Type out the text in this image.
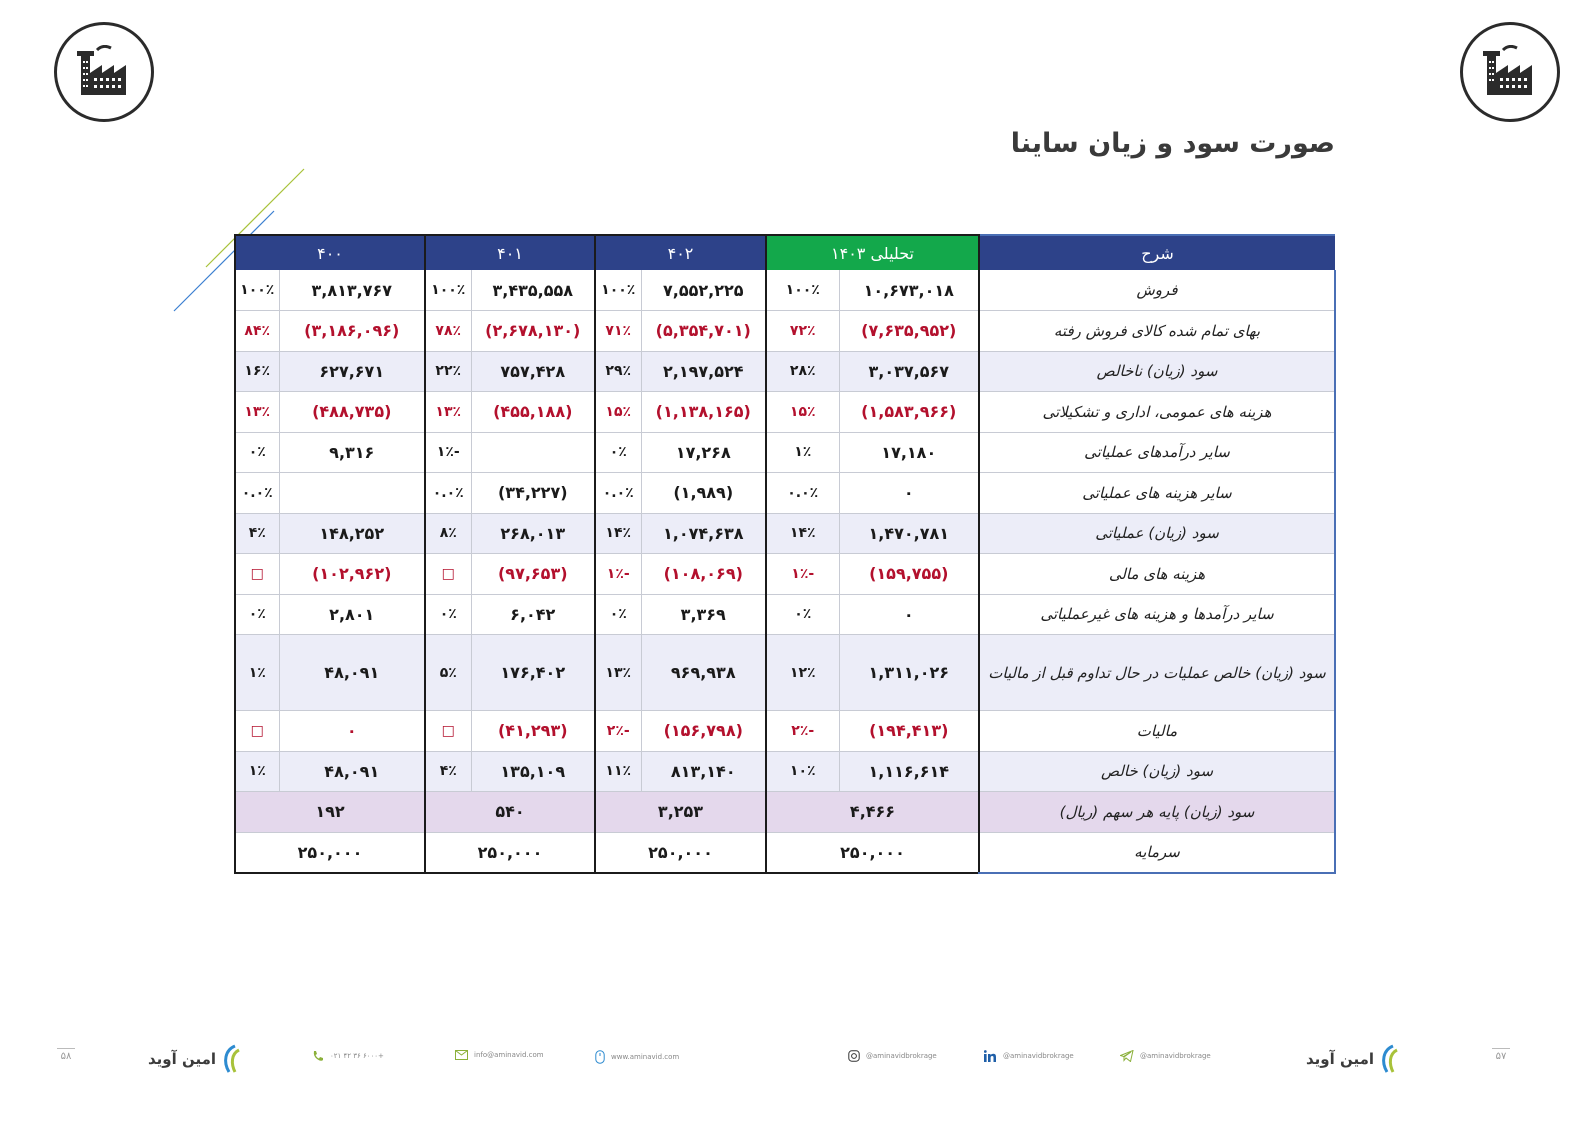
صورت سود و زیان ساینا
شرح	تحلیلی ۱۴۰۳		۴۰۲		۴۰۱		۴۰۰	
فروش	۱۰,۶۷۳,۰۱۸	۱۰۰٪	۷,۵۵۲,۲۲۵	۱۰۰٪	۳,۴۳۵,۵۵۸	۱۰۰٪	۳,۸۱۳,۷۶۷	۱۰۰٪
بهای تمام شده کالای فروش رفته	(۷,۶۳۵,۹۵۲)	۷۲٪	(۵,۳۵۴,۷۰۱)	۷۱٪	(۲,۶۷۸,۱۳۰)	۷۸٪	(۳,۱۸۶,۰۹۶)	۸۴٪
سود (زیان) ناخالص	۳,۰۳۷,۵۶۷	۲۸٪	۲,۱۹۷,۵۲۴	۲۹٪	۷۵۷,۴۲۸	۲۲٪	۶۲۷,۶۷۱	۱۶٪
هزینه های عمومی، اداری و تشکیلاتی	(۱,۵۸۳,۹۶۶)	۱۵٪	(۱,۱۳۸,۱۶۵)	۱۵٪	(۴۵۵,۱۸۸)	۱۳٪	(۴۸۸,۷۳۵)	۱۳٪
سایر درآمدهای عملیاتی	۱۷,۱۸۰	۱٪	۱۷,۲۶۸	۰٪		-۱٪	۹,۳۱۶	۰٪
سایر هزینه های عملیاتی	۰	۰.۰٪	(۱,۹۸۹)	۰.۰٪	(۳۴,۲۲۷)	۰.۰٪		۰.۰٪
سود (زیان) عملیاتی	۱,۴۷۰,۷۸۱	۱۴٪	۱,۰۷۴,۶۳۸	۱۴٪	۲۶۸,۰۱۳	۸٪	۱۴۸,۲۵۲	۴٪
هزینه های مالی	(۱۵۹,۷۵۵)	-۱٪	(۱۰۸,۰۶۹)	-۱٪	(۹۷,۶۵۳)	□	(۱۰۲,۹۶۲)	□
سایر درآمدها و هزینه های غیرعملیاتی	۰	۰٪	۳,۳۶۹	۰٪	۶,۰۴۲	۰٪	۲,۸۰۱	۰٪
سود (زیان) خالص عملیات در حال تداوم قبل از مالیات	۱,۳۱۱,۰۲۶	۱۲٪	۹۶۹,۹۳۸	۱۳٪	۱۷۶,۴۰۲	۵٪	۴۸,۰۹۱	۱٪
مالیات	(۱۹۴,۴۱۳)	-۲٪	(۱۵۶,۷۹۸)	-۲٪	(۴۱,۲۹۳)	□	۰	□
سود (زیان) خالص	۱,۱۱۶,۶۱۴	۱۰٪	۸۱۳,۱۴۰	۱۱٪	۱۳۵,۱۰۹	۴٪	۴۸,۰۹۱	۱٪
سود (زیان) پایه هر سهم (ریال)	۴,۴۶۶		۳,۲۵۳		۵۴۰		۱۹۲	
سرمایه	۲۵۰,۰۰۰		۲۵۰,۰۰۰		۲۵۰,۰۰۰		۲۵۰,۰۰۰	
۵۸	امین آوید	۰۲۱ ۴۲ ۳۶ ۶۰۰۰+	info@aminavid.com	www.aminavid.com	@aminavidbrokrage	@aminavidbrokrage	@aminavidbrokrage	امین آوید	۵۷
